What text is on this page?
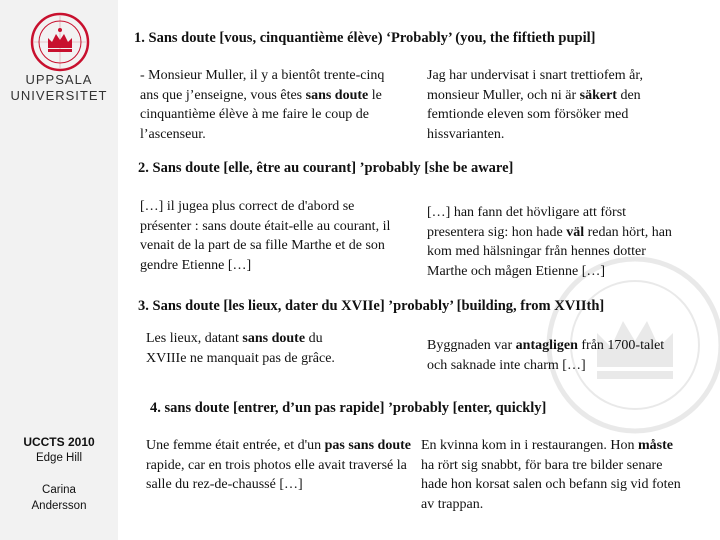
UPPSALA
UNIVERSITET
UCCTS 2010
Edge Hill
Carina
Andersson
1. Sans doute [vous, cinquantième élève) ‘Probably’ (you, the fiftieth pupil]
- Monsieur Muller, il y a bientôt trente-cinq ans que j’enseigne, vous êtes sans doute le cinquantième élève à me faire le coup de l’ascenseur.
Jag har undervisat i snart trettiofem år, monsieur Muller, och ni är säkert den femtionde eleven som försöker med hissvarianten.
2. Sans doute [elle, être au courant] ’probably [she be aware]
[…] il jugea plus correct de d'abord se présenter : sans doute était-elle au courant, il venait de la part de sa fille Marthe et de son gendre Etienne […]
[…] han fann det hövligare att först presentera sig: hon hade väl redan hört, han kom med hälsningar från hennes dotter Marthe och mågen Etienne […]
3. Sans doute [les lieux, dater du XVIIe] ’probably’ [building, from XVIIth]
Les lieux, datant sans doute du XVIIIe ne manquait pas de grâce.
Byggnaden var antagligen från 1700-talet och saknade inte charm […]
4. sans doute [entrer, d’un pas rapide] ’probably [enter, quickly]
Une femme était entrée, et d'un pas sans doute rapide, car en trois photos elle avait traversé la salle du rez-de-chaussé […]
En kvinna kom in i restaurangen. Hon måste ha rört sig snabbt, för bara tre bilder senare hade hon korsat salen och befann sig vid foten av trappan.
